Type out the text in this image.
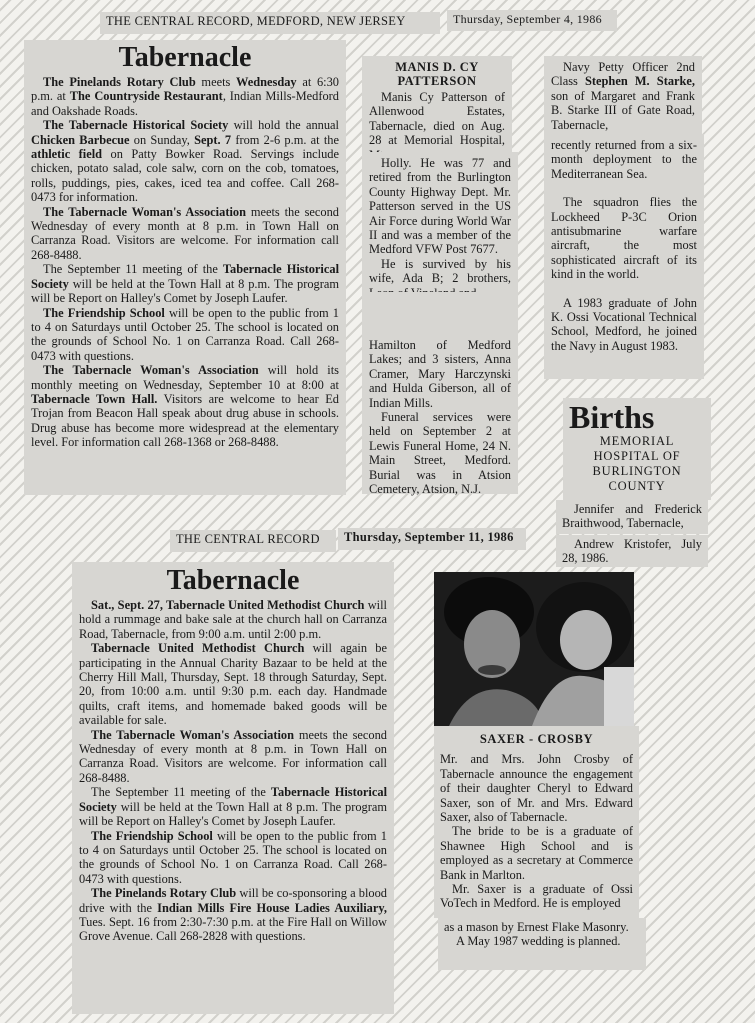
THE CENTRAL RECORD, MEDFORD, NEW JERSEY	Thursday, September 4, 1986
Tabernacle

The Pinelands Rotary Club meets Wednesday at 6:30 p.m. at The Countryside Restaurant, Indian Mills-Medford and Oakshade Roads.

The Tabernacle Historical Society will hold the annual Chicken Barbecue on Sunday, Sept. 7 from 2-6 p.m. at the athletic field on Patty Bowker Road. Servings include chicken, potato salad, cole salw, corn on the cob, tomatoes, rolls, puddings, pies, cakes, iced tea and coffee. Call 268-0473 for information.

The Tabernacle Woman's Association meets the second Wednesday of every month at 8 p.m. in Town Hall on Carranza Road. Visitors are welcome. For information call 268-8488.

The September 11 meeting of the Tabernacle Historical Society will be held at the Town Hall at 8 p.m. The program will be Report on Halley's Comet by Joseph Laufer.

The Friendship School will be open to the public from 1 to 4 on Saturdays until October 25. The school is located on the grounds of School No. 1 on Carranza Road. Call 268-0473 with questions.

The Tabernacle Woman's Association will hold its monthly meeting on Wednesday, September 10 at 8:00 at Tabernacle Town Hall. Visitors are welcome to hear Ed Trojan from Beacon Hall speak about drug abuse in schools. Drug abuse has become more widespread at the elementary level. For information call 268-1368 or 268-8488.

MANIS D. CY PATTERSON

Manis Cy Patterson of Allenwood Estates, Tabernacle, died on Aug. 28 at Memorial Hospital,

Holly. He was 77 and retired from the Burlington County Highway Dept. Mr. Patterson served in the US Air Force during World War II and was a member of the Medford VFW Post 7677.

He is survived by his wife, Ada B; 2 brothers,

Hamilton of Medford Lakes; and 3 sisters, Anna Cramer, Mary Harczynski and Hulda Giberson, all of Indian Mills.

Funeral services were held on September 2 at Lewis Funeral Home, 24 N. Main Street, Medford. Burial was in Atsion Cemetery, Atsion, N.J.

Navy Petty Officer 2nd Class Stephen M. Starke, son of Margaret and Frank B. Starke III of Gate Road, Tabernacle,

recently returned from a six-month deployment to the Mediterranean Sea.

The squadron flies the Lockheed P-3C Orion antisubmarine warfare aircraft, the most sophisticated aircraft of its kind in the world.

A 1983 graduate of John K. Ossi Vocational Technical School, Medford, he joined the Navy in August 1983.

Births
MEMORIAL
HOSPITAL OF
BURLINGTON
COUNTY

Jennifer and Frederick Braithwood, Tabernacle,

Andrew Kristofer, July 28, 1986.

THE CENTRAL RECORD	Thursday, September 11, 1986
Tabernacle

Sat., Sept. 27, Tabernacle United Methodist Church will hold a rummage and bake sale at the church hall on Carranza Road, Tabernacle, from 9:00 a.m. until 2:00 p.m.

Tabernacle United Methodist Church will again be participating in the Annual Charity Bazaar to be held at the Cherry Hill Mall, Thursday, Sept. 18 through Saturday, Sept. 20, from 10:00 a.m. until 9:30 p.m. each day. Handmade quilts, craft items, and homemade baked goods will be available for sale.

The Tabernacle Woman's Association meets the second Wednesday of every month at 8 p.m. in Town Hall on Carranza Road. Visitors are welcome. For information call 268-8488.

The September 11 meeting of the Tabernacle Historical Society will be held at the Town Hall at 8 p.m. The program will be Report on Halley's Comet by Joseph Laufer.

The Friendship School will be open to the public from 1 to 4 on Saturdays until October 25. The school is located on the grounds of School No. 1 on Carranza Road. Call 268-0473 with questions.

The Pinelands Rotary Club will be co-sponsoring a blood drive with the Indian Mills Fire House Ladies Auxiliary, Tues. Sept. 16 from 2:30-7:30 p.m. at the Fire Hall on Willow Grove Avenue. Call 268-2828 with questions.

SAXER - CROSBY

Mr. and Mrs. John Crosby of Tabernacle announce the engagement of their daughter Cheryl to Edward Saxer, son of Mr. and Mrs. Edward Saxer, also of Tabernacle.

The bride to be is a graduate of Shawnee High School and is employed as a secretary at Commerce Bank in Marlton.

Mr. Saxer is a graduate of Ossi VoTech in Medford. He is employed

as a mason by Ernest Flake Masonry.

A May 1987 wedding is planned.
